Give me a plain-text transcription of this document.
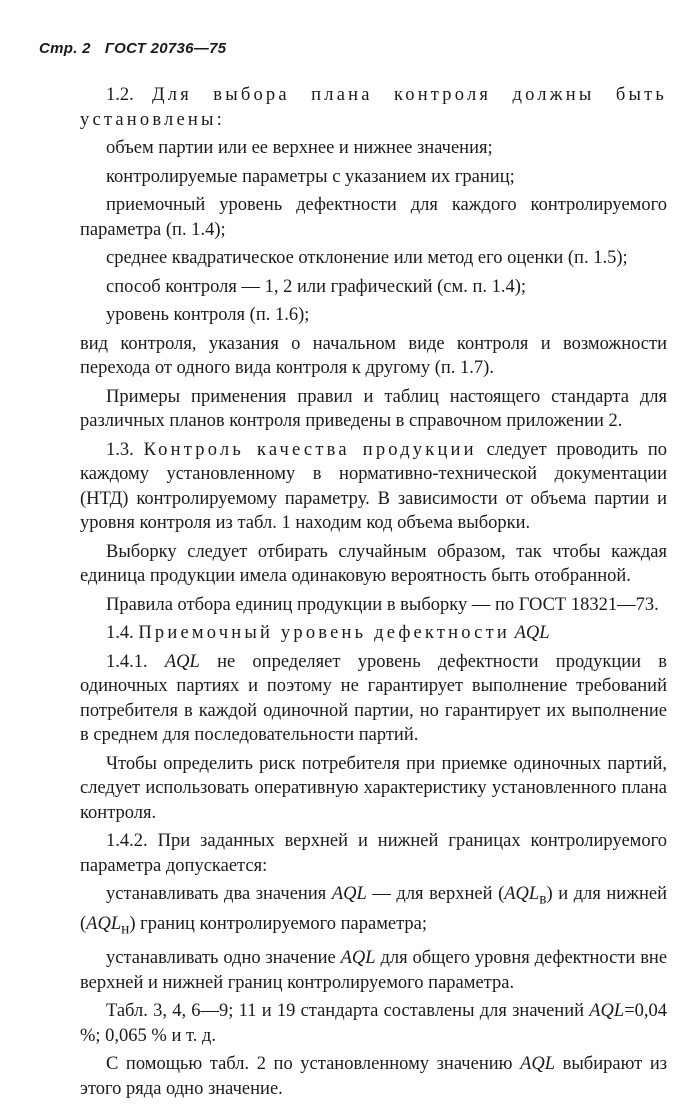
Стр. 2 ГОСТ 20736—75

1.2. Для выбора плана контроля должны быть установлены:

объем партии или ее верхнее и нижнее значения;

контролируемые параметры с указанием их границ;

приемочный уровень дефектности для каждого контролируемого параметра (п. 1.4);

среднее квадратическое отклонение или метод его оценки (п. 1.5);

способ контроля — 1, 2 или графический (см. п. 1.4);

уровень контроля (п. 1.6);

вид контроля, указания о начальном виде контроля и возможности перехода от одного вида контроля к другому (п. 1.7).

Примеры применения правил и таблиц настоящего стандарта для различных планов контроля приведены в справочном приложении 2.

1.3. Контроль качества продукции следует проводить по каждому установленному в нормативно-технической документации (НТД) контролируемому параметру. В зависимости от объема партии и уровня контроля из табл. 1 находим код объема выборки.

Выборку следует отбирать случайным образом, так чтобы каждая единица продукции имела одинаковую вероятность быть отобранной.

Правила отбора единиц продукции в выборку — по ГОСТ 18321—73.

1.4. Приемочный уровень дефектности AQL

1.4.1. AQL не определяет уровень дефектности продукции в одиночных партиях и поэтому не гарантирует выполнение требований потребителя в каждой одиночной партии, но гарантирует их выполнение в среднем для последовательности партий.

Чтобы определить риск потребителя при приемке одиночных партий, следует использовать оперативную характеристику установленного плана контроля.

1.4.2. При заданных верхней и нижней границах контролируемого параметра допускается:

устанавливать два значения AQL — для верхней $(AQL_в)$ и для нижней $(AQL_н)$ границ контролируемого параметра;

устанавливать одно значение AQL для общего уровня дефектности вне верхней и нижней границ контролируемого параметра.

Табл. 3, 4, 6—9; 11 и 19 стандарта составлены для значений AQL=0,04 %; 0,065 % и т. д.

С помощью табл. 2 по установленному значению AQL выбирают из этого ряда одно значение.
